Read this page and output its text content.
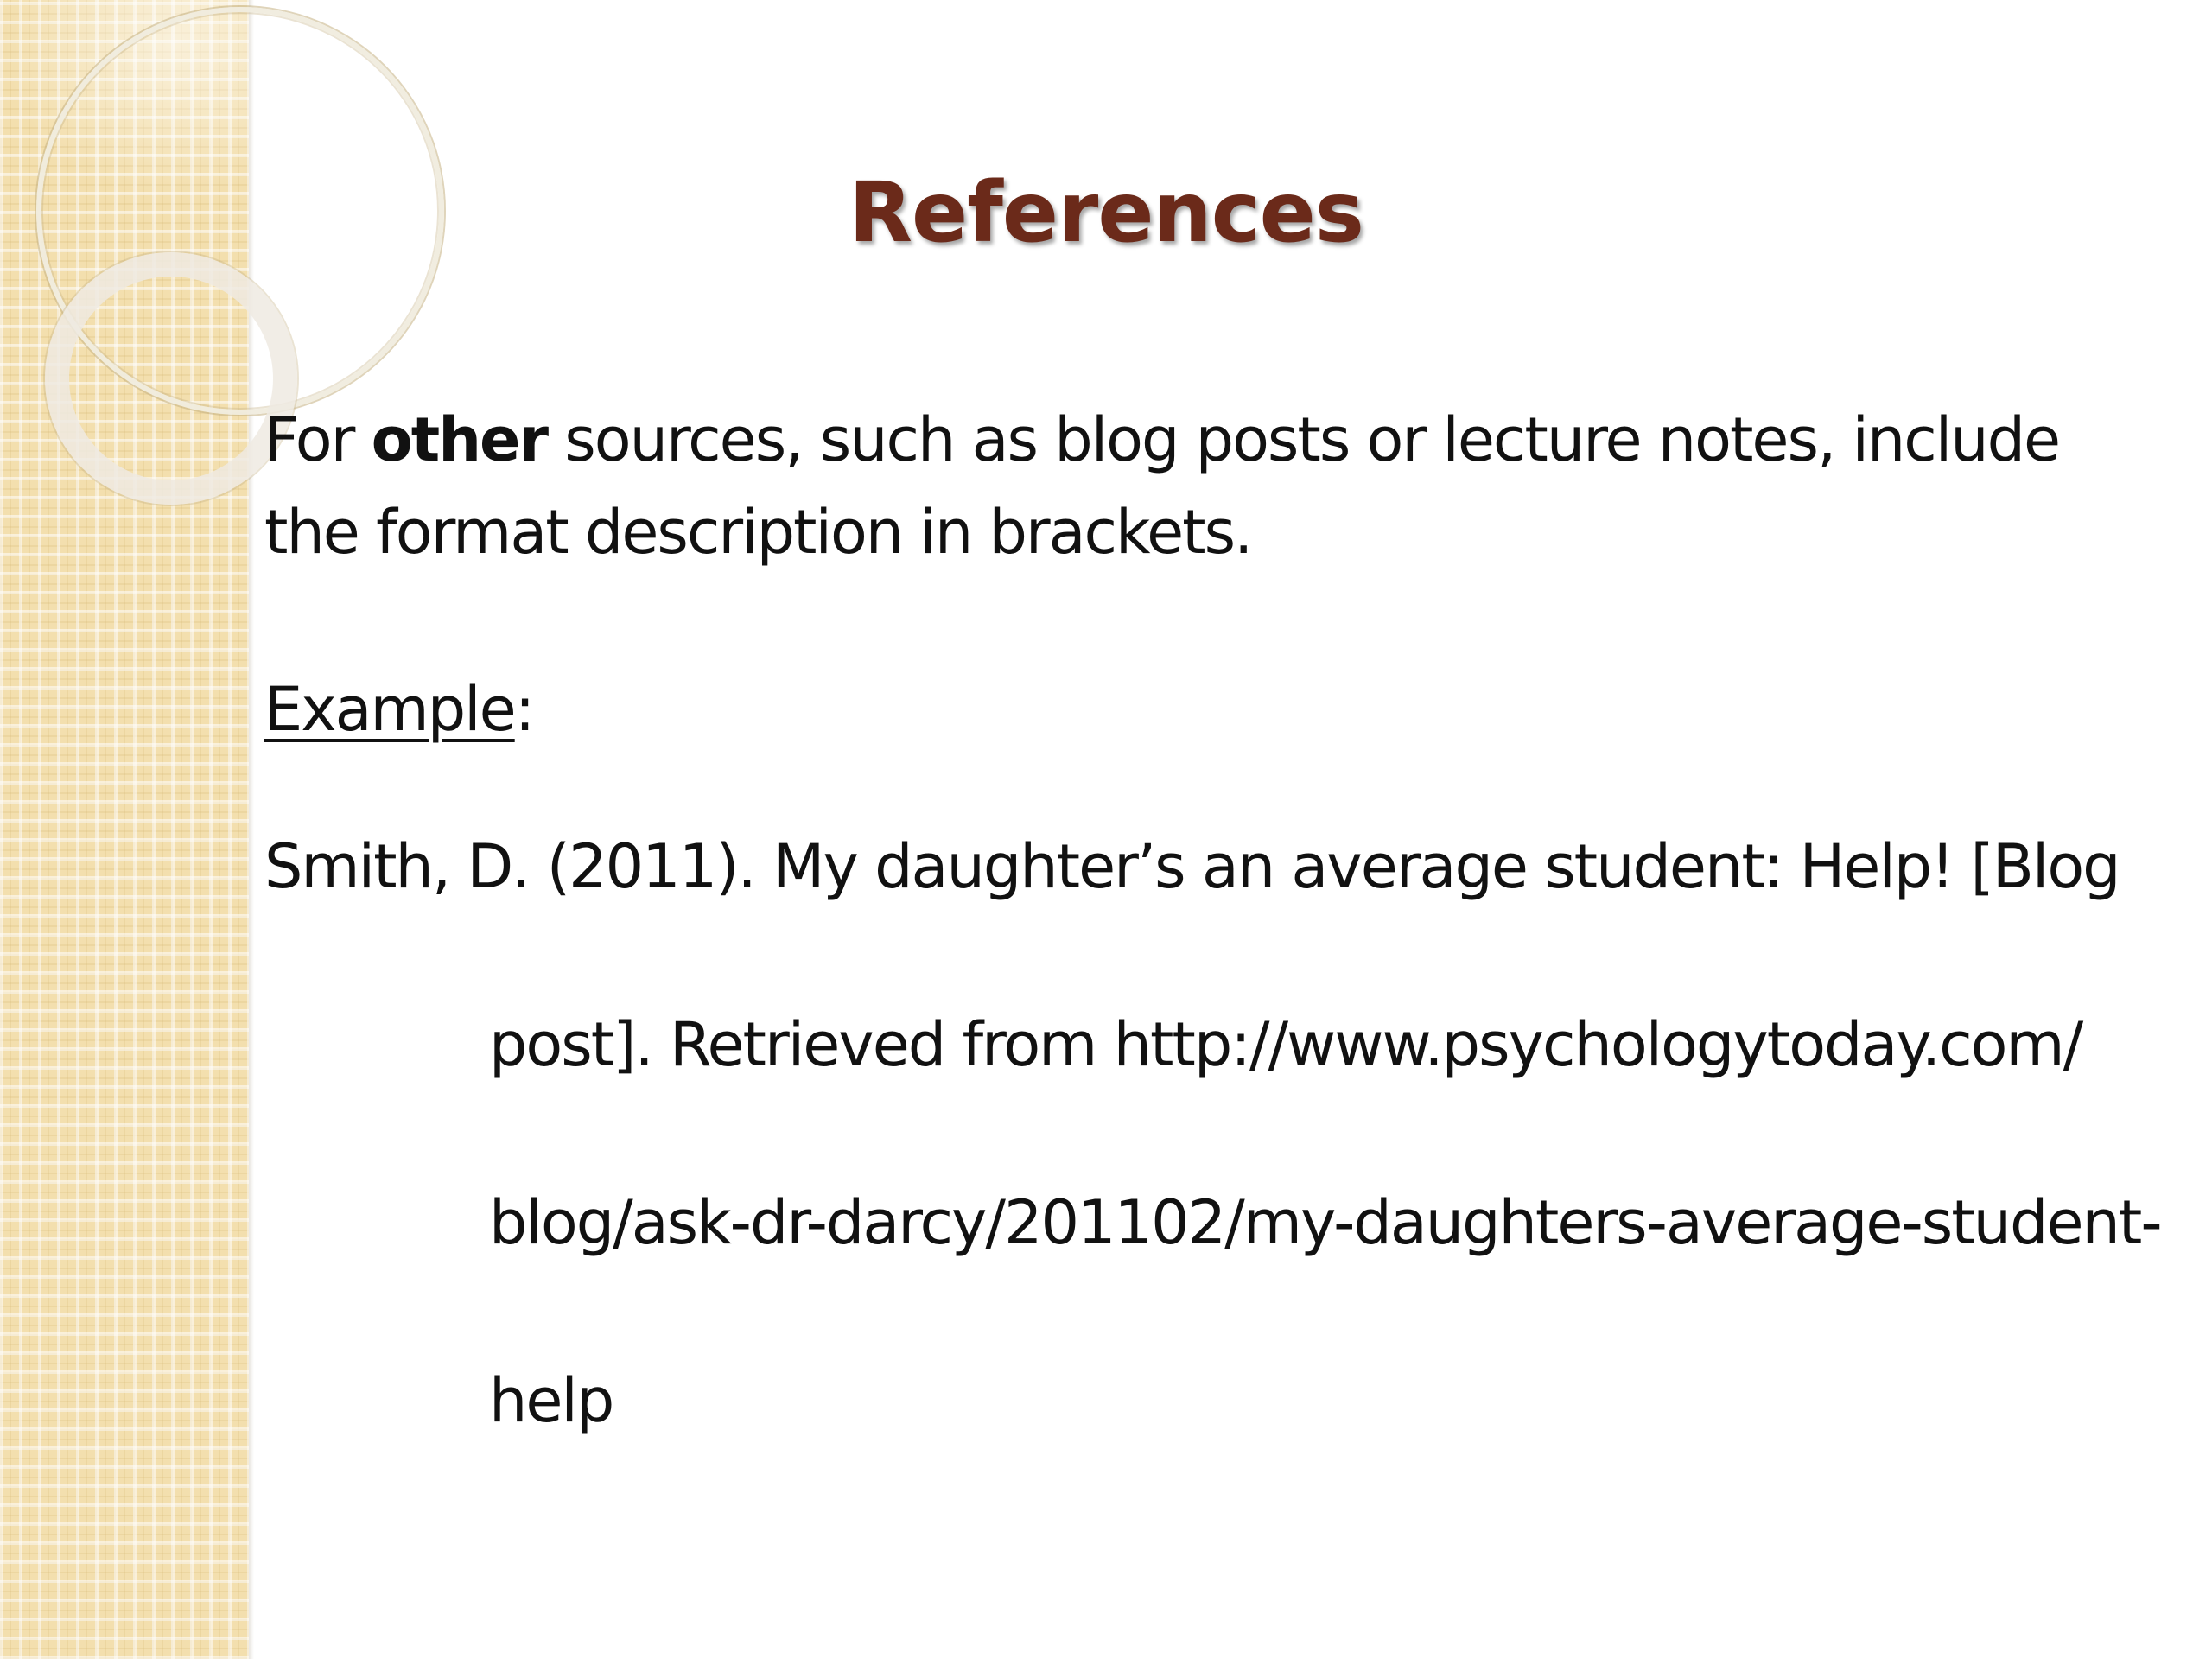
References

For other sources, such as blog posts or lecture notes, include

the format description in brackets.

Example:

Smith, D. (2011). My daughter’s an average student: Help! [Blog

post]. Retrieved from http://www.psychologytoday.com/

blog/ask-dr-darcy/201102/my-daughters-average-student-

help
